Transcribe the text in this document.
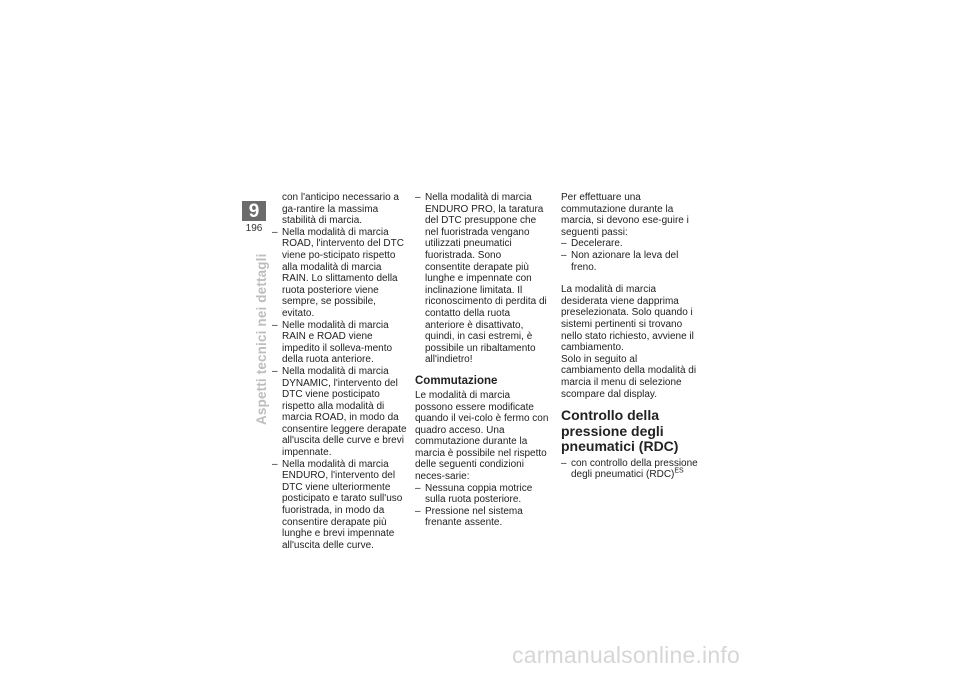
9
196
Aspetti tecnici nei dettagli

con l'anticipo necessario a ga-rantire la massima stabilità di marcia.

– Nella modalità di marcia ROAD, l'intervento del DTC viene po-sticipato rispetto alla modalità di marcia RAIN. Lo slittamento della ruota posteriore viene sempre, se possibile, evitato.

– Nelle modalità di marcia RAIN e ROAD viene impedito il solleva-mento della ruota anteriore.

– Nella modalità di marcia DYNAMIC, l'intervento del DTC viene posticipato rispetto alla modalità di marcia ROAD, in modo da consentire leggere derapate all'uscita delle curve e brevi impennate.

– Nella modalità di marcia ENDURO, l'intervento del DTC viene ulteriormente posticipato e tarato sull'uso fuoristrada, in modo da consentire derapate più lunghe e brevi impennate all'uscita delle curve.

– Nella modalità di marcia ENDURO PRO, la taratura del DTC presuppone che nel fuoristrada vengano utilizzati pneumatici fuoristrada. Sono consentite derapate più lunghe e impennate con inclinazione limitata. Il riconoscimento di perdita di contatto della ruota anteriore è disattivato, quindi, in casi estremi, è possibile un ribaltamento all'indietro!

Commutazione

Le modalità di marcia possono essere modificate quando il vei-colo è fermo con quadro acceso. Una commutazione durante la marcia è possibile nel rispetto delle seguenti condizioni neces-sarie:

– Nessuna coppia motrice sulla ruota posteriore.

– Pressione nel sistema frenante assente.

Per effettuare una commutazione durante la marcia, si devono ese-guire i seguenti passi:

– Decelerare.

– Non azionare la leva del freno.

La modalità di marcia desiderata viene dapprima preselezionata. Solo quando i sistemi pertinenti si trovano nello stato richiesto, avviene il cambiamento.

Solo in seguito al cambiamento della modalità di marcia il menu di selezione scompare dal display.

Controllo della pressione degli pneumatici (RDC)

– con controllo della pressione degli pneumatici (RDC)$^{ES}$

carmanualsonline.info
